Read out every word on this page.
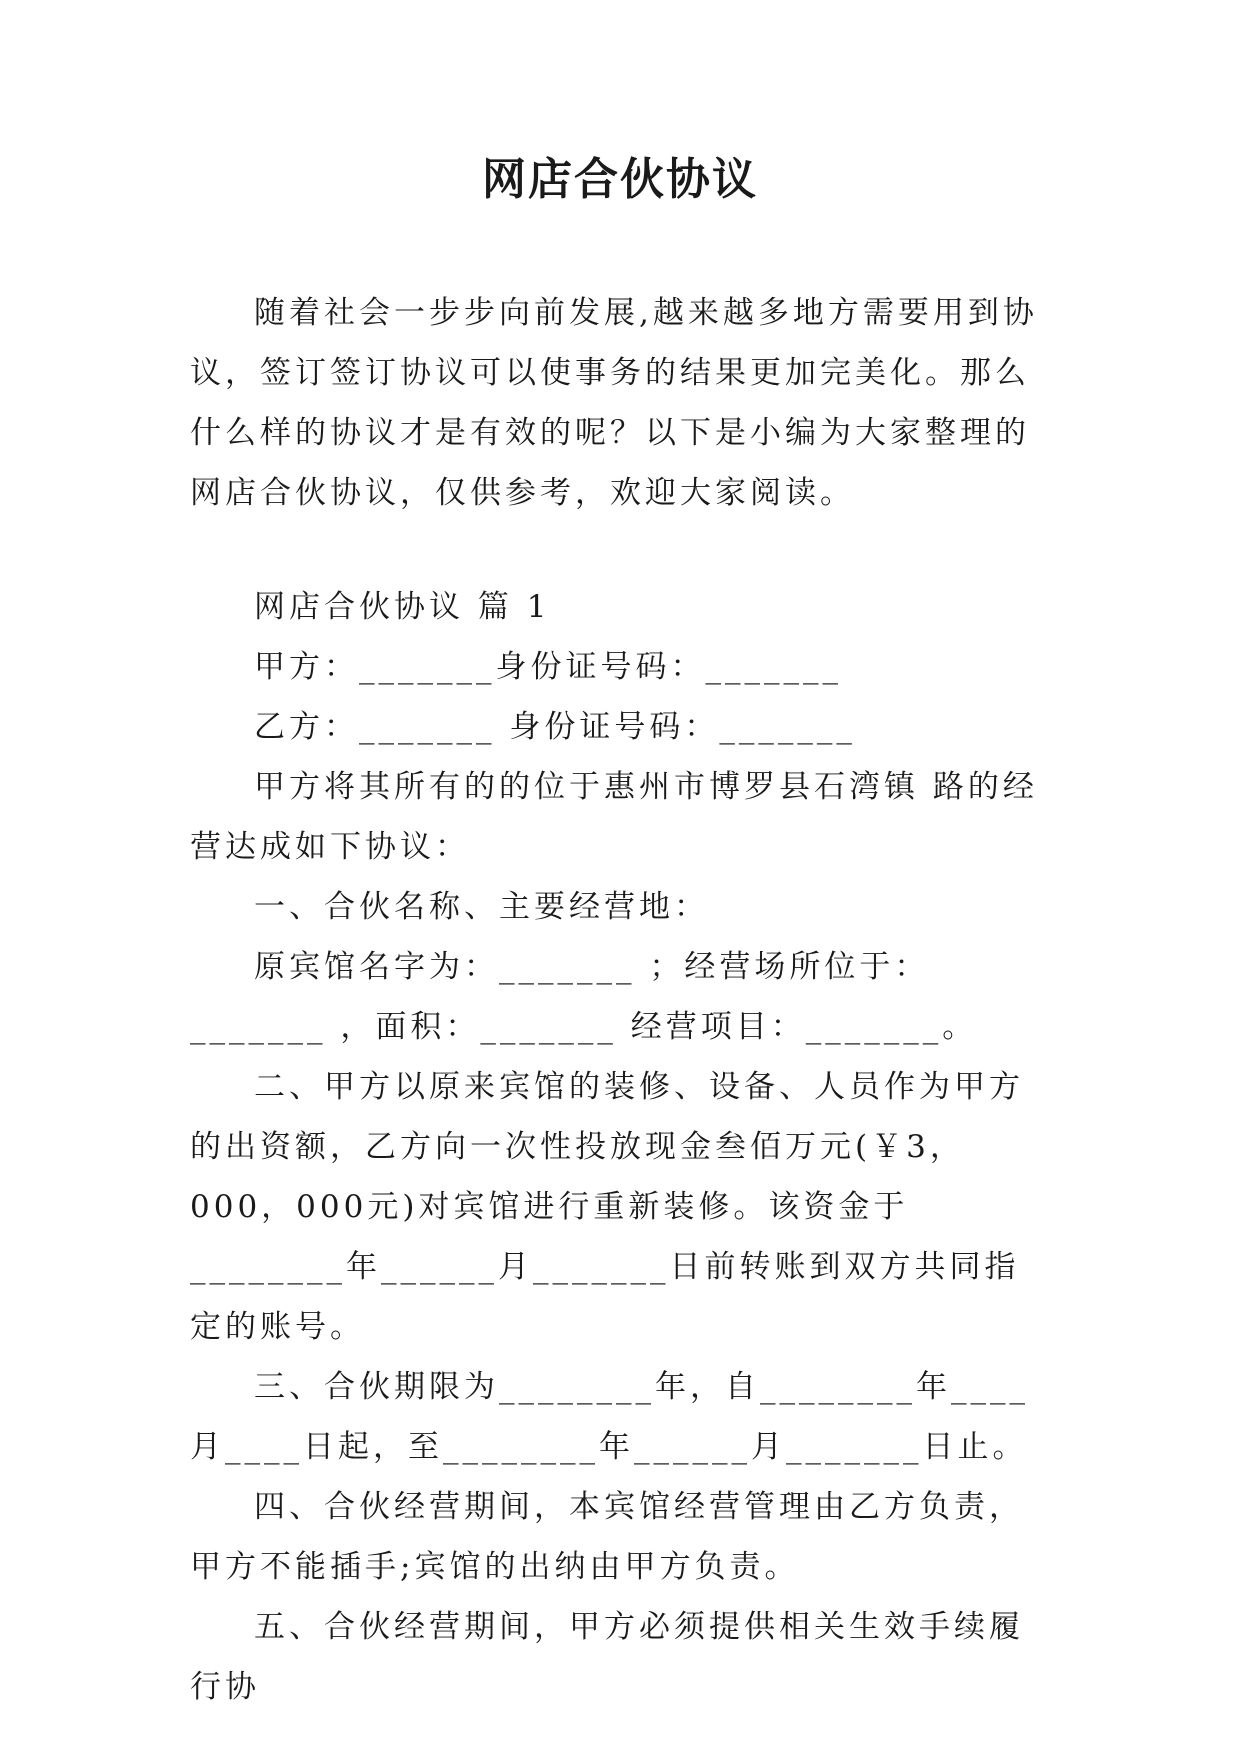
网店合伙协议

随着社会一步步向前发展,越来越多地方需要用到协议，签订签订协议可以使事务的结果更加完美化。那么什么样的协议才是有效的呢？以下是小编为大家整理的网店合伙协议，仅供参考，欢迎大家阅读。

网店合伙协议 篇 1

甲方：_______身份证号码：_______

乙方：_______ 身份证号码：_______

甲方将其所有的的位于惠州市博罗县石湾镇 路的经营达成如下协议：

一、合伙名称、主要经营地：

原宾馆名字为：_______ ；经营场所位于：_______ ，面积：_______ 经营项目：_______。

二、甲方以原来宾馆的装修、设备、人员作为甲方的出资额，乙方向一次性投放现金叁佰万元(￥3，000，000元)对宾馆进行重新装修。该资金于________年______月_______日前转账到双方共同指定的账号。

三、合伙期限为________年，自________年____月____日起，至________年______月_______日止。

四、合伙经营期间，本宾馆经营管理由乙方负责，甲方不能插手;宾馆的出纳由甲方负责。

五、合伙经营期间，甲方必须提供相关生效手续履行协
